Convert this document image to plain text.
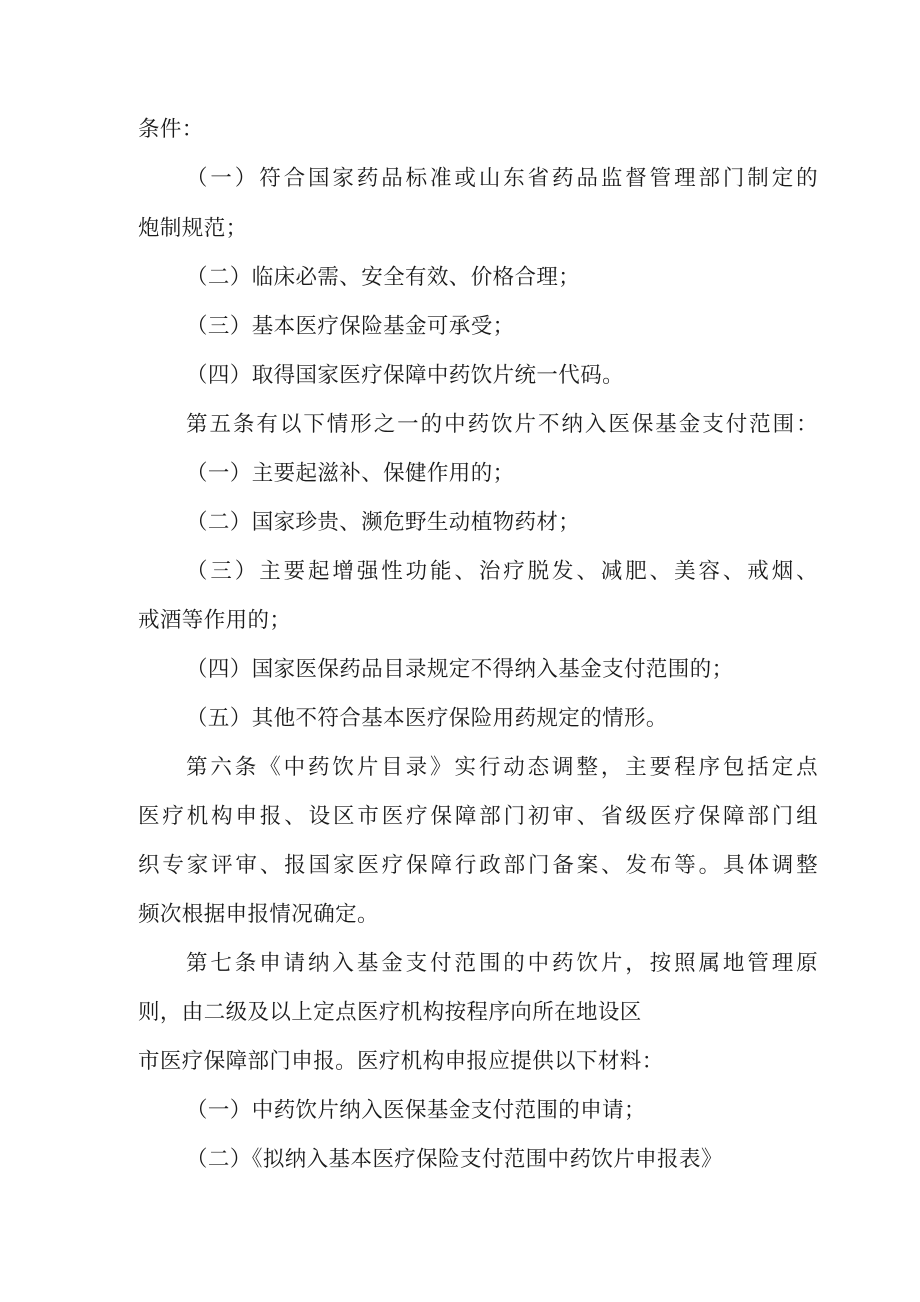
条件：
（一）符合国家药品标准或山东省药品监督管理部门制定的
炮制规范；
（二）临床必需、安全有效、价格合理；
（三）基本医疗保险基金可承受；
（四）取得国家医疗保障中药饮片统一代码。
第五条有以下情形之一的中药饮片不纳入医保基金支付范围：
（一）主要起滋补、保健作用的；
（二）国家珍贵、濒危野生动植物药材；
（三）主要起增强性功能、治疗脱发、减肥、美容、戒烟、
戒酒等作用的；
（四）国家医保药品目录规定不得纳入基金支付范围的；
（五）其他不符合基本医疗保险用药规定的情形。
第六条《中药饮片目录》实行动态调整，主要程序包括定点
医疗机构申报、设区市医疗保障部门初审、省级医疗保障部门组
织专家评审、报国家医疗保障行政部门备案、发布等。具体调整
频次根据申报情况确定。
第七条申请纳入基金支付范围的中药饮片，按照属地管理原
则，由二级及以上定点医疗机构按程序向所在地设区
市医疗保障部门申报。医疗机构申报应提供以下材料：
（一）中药饮片纳入医保基金支付范围的申请；
（二）《拟纳入基本医疗保险支付范围中药饮片申报表》
